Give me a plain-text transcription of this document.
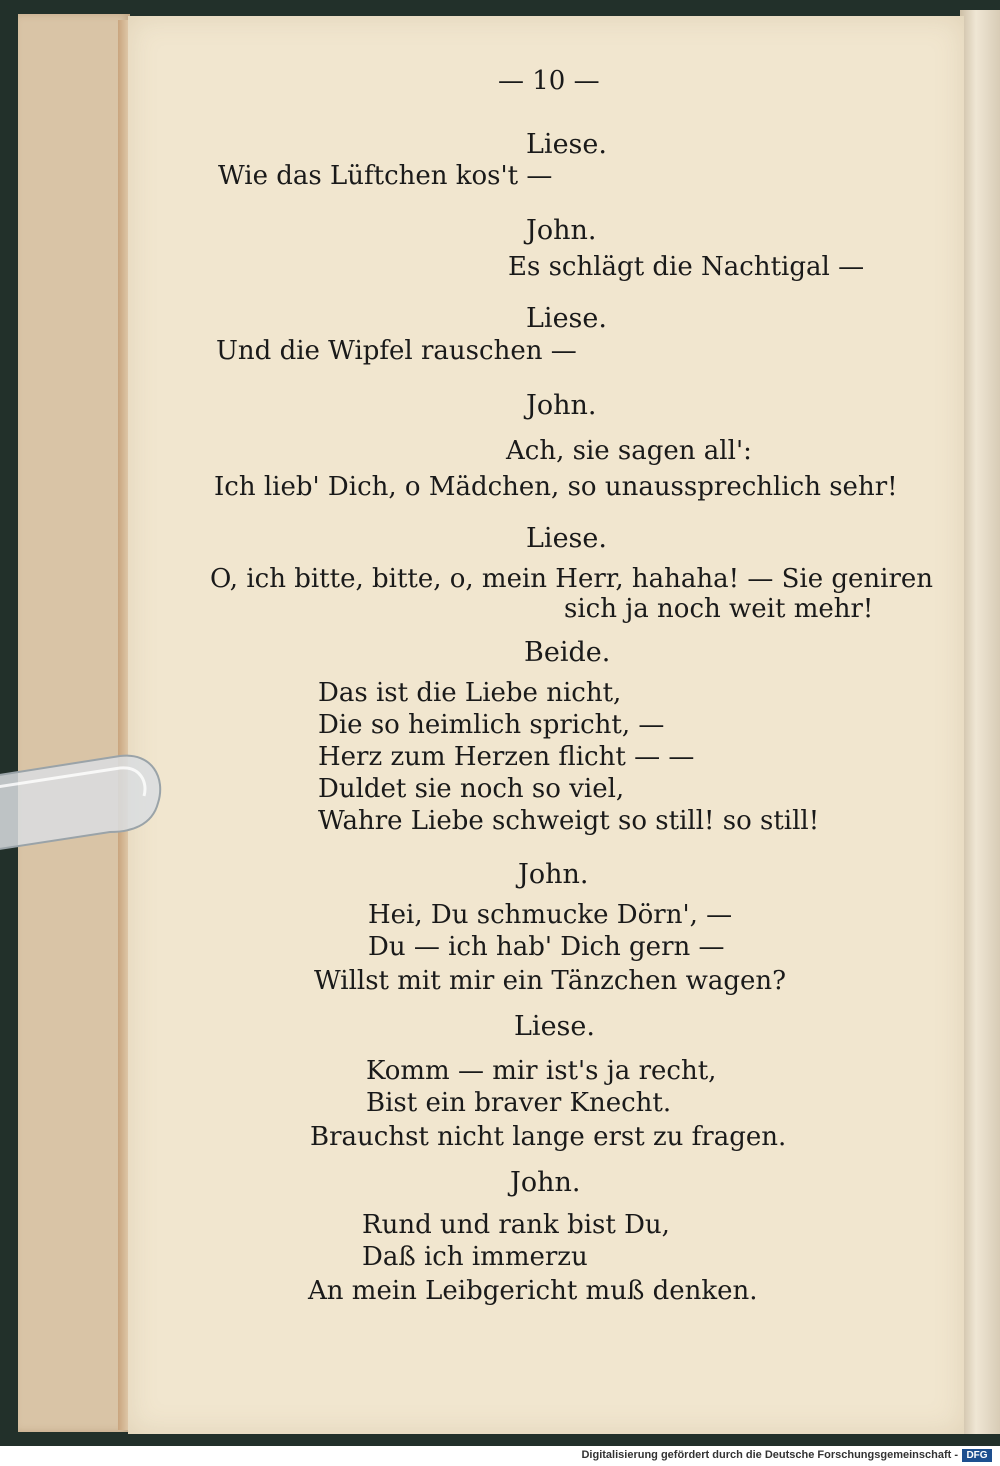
— 10 —
Liese.
Wie das Lüftchen kos't —
John.
Es schlägt die Nachtigal —
Liese.
Und die Wipfel rauschen —
John.
Ach, sie sagen all':
Ich lieb' Dich, o Mädchen, so unaussprechlich sehr!
Liese.
O, ich bitte, bitte, o, mein Herr, hahaha! — Sie geniren
sich ja noch weit mehr!
Beide.
Das ist die Liebe nicht,
Die so heimlich spricht, —
Herz zum Herzen flicht — —
Duldet sie noch so viel,
Wahre Liebe schweigt so still! so still!
John.
Hei, Du schmucke Dörn', —
Du — ich hab' Dich gern —
Willst mit mir ein Tänzchen wagen?
Liese.
Komm — mir ist's ja recht,
Bist ein braver Knecht.
Brauchst nicht lange erst zu fragen.
John.
Rund und rank bist Du,
Daß ich immerzu
An mein Leibgericht muß denken.
Digitalisierung gefördert durch die Deutsche Forschungsgemeinschaft - DFG
